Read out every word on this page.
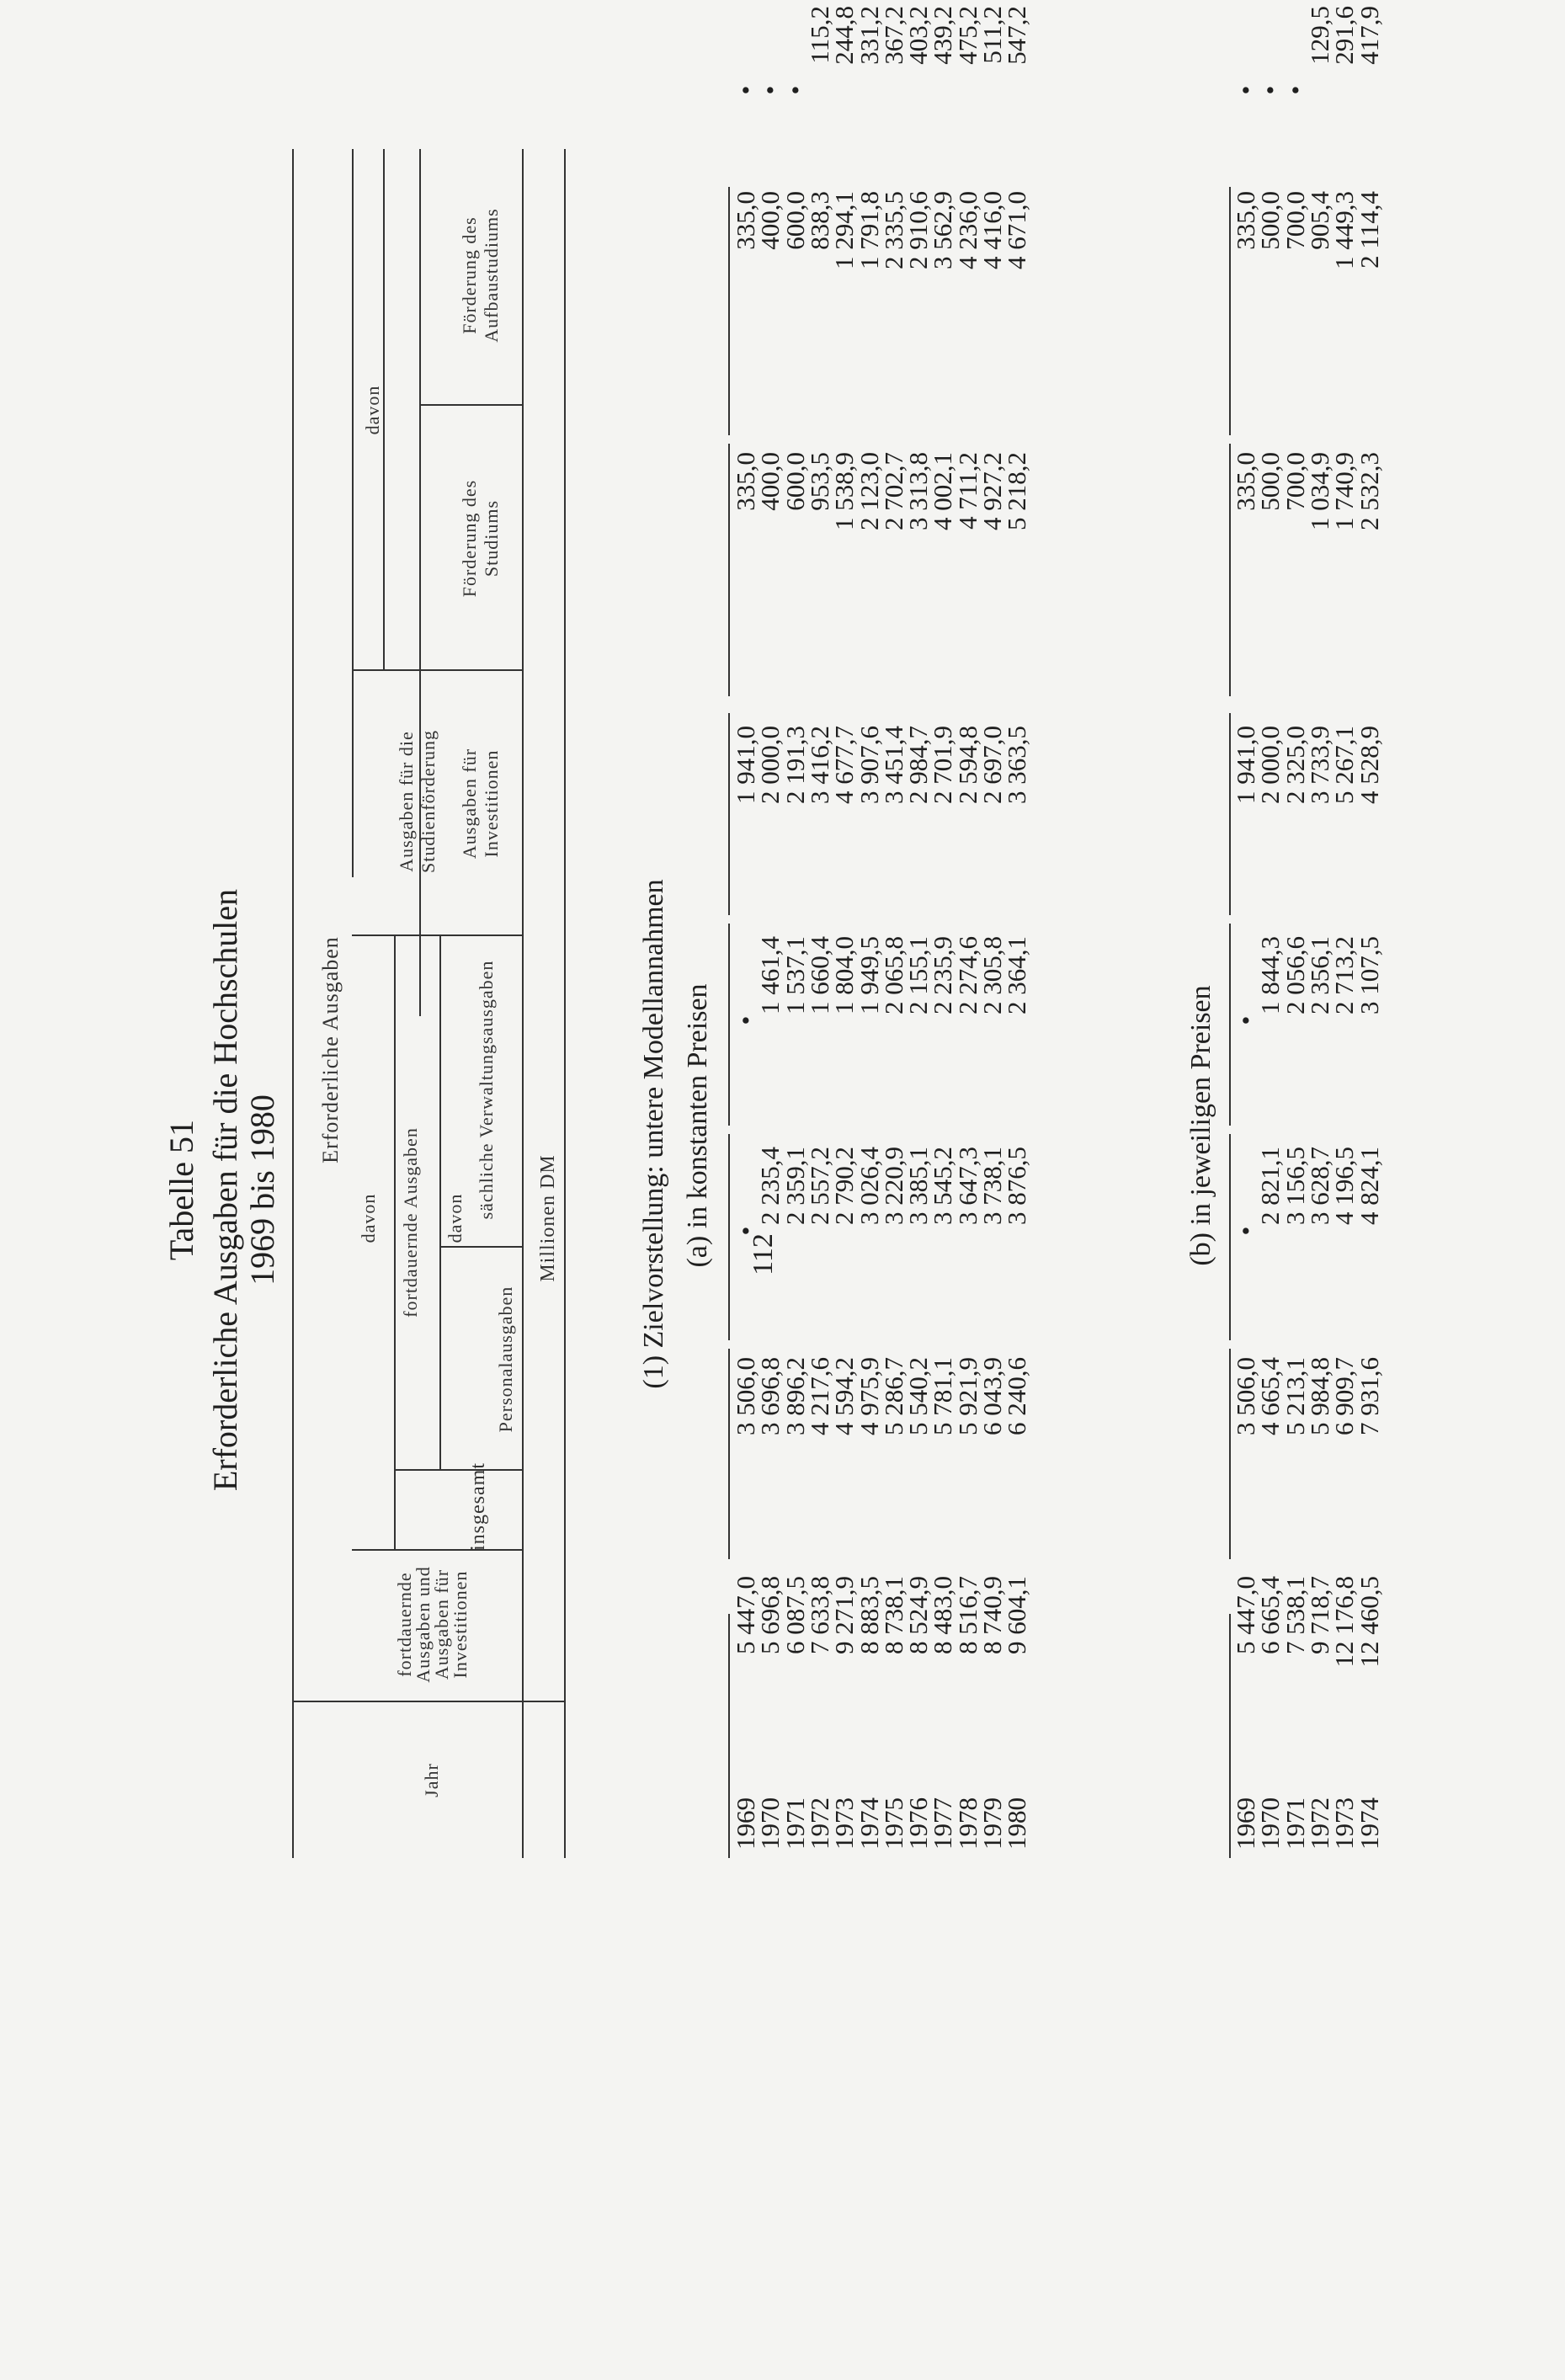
112
Tabelle 51 Erforderliche Ausgaben für die Hochschulen 1969 bis 1980
Jahr
Erforderliche Ausgaben
fortdauernde Ausgaben und Ausgaben für Investitionen
davon fortdauernde Ausgaben
insgesamt
davon
Personalausgaben
sächliche Verwaltungsausgaben
Ausgaben für Investitionen
Ausgaben für die Studienförderung
davon
Förderung des Studiums
Förderung des Aufbaustudiums
Millionen DM	(1) Zielvorstellung: untere Modellannahmen (a) in konstanten Preisen	(b) in jeweiligen Preisen
1969
5 447,0
3 506,0
•
•
1 941,0
335,0
335,0
•
1970
5 696,8
3 696,8
2 235,4
1 461,4
2 000,0
400,0
400,0
•
1971
6 087,5
3 896,2
2 359,1
1 537,1
2 191,3
600,0
600,0
•
1972
7 633,8
4 217,6
2 557,2
1 660,4
3 416,2
953,5
838,3
115,2
1973
9 271,9
4 594,2
2 790,2
1 804,0
4 677,7
1 538,9
1 294,1
244,8
1974
8 883,5
4 975,9
3 026,4
1 949,5
3 907,6
2 123,0
1 791,8
331,2
1975
8 738,1
5 286,7
3 220,9
2 065,8
3 451,4
2 702,7
2 335,5
367,2
1976
8 524,9
5 540,2
3 385,1
2 155,1
2 984,7
3 313,8
2 910,6
403,2
1977
8 483,0
5 781,1
3 545,2
2 235,9
2 701,9
4 002,1
3 562,9
439,2
1978
8 516,7
5 921,9
3 647,3
2 274,6
2 594,8
4 711,2
4 236,0
475,2
1979
8 740,9
6 043,9
3 738,1
2 305,8
2 697,0
4 927,2
4 416,0
511,2
1980
9 604,1
6 240,6
3 876,5
2 364,1
3 363,5
5 218,2
4 671,0
547,2
1969
5 447,0
3 506,0
•
•
1 941,0
335,0
335,0
•
1970
6 665,4
4 665,4
2 821,1
1 844,3
2 000,0
500,0
500,0
•
1971
7 538,1
5 213,1
3 156,5
2 056,6
2 325,0
700,0
700,0
•
1972
9 718,7
5 984,8
3 628,7
2 356,1
3 733,9
1 034,9
905,4
129,5
1973
12 176,8
6 909,7
4 196,5
2 713,2
5 267,1
1 740,9
1 449,3
291,6
1974
12 460,5
7 931,6
4 824,1
3 107,5
4 528,9
2 532,3
2 114,4
417,9
